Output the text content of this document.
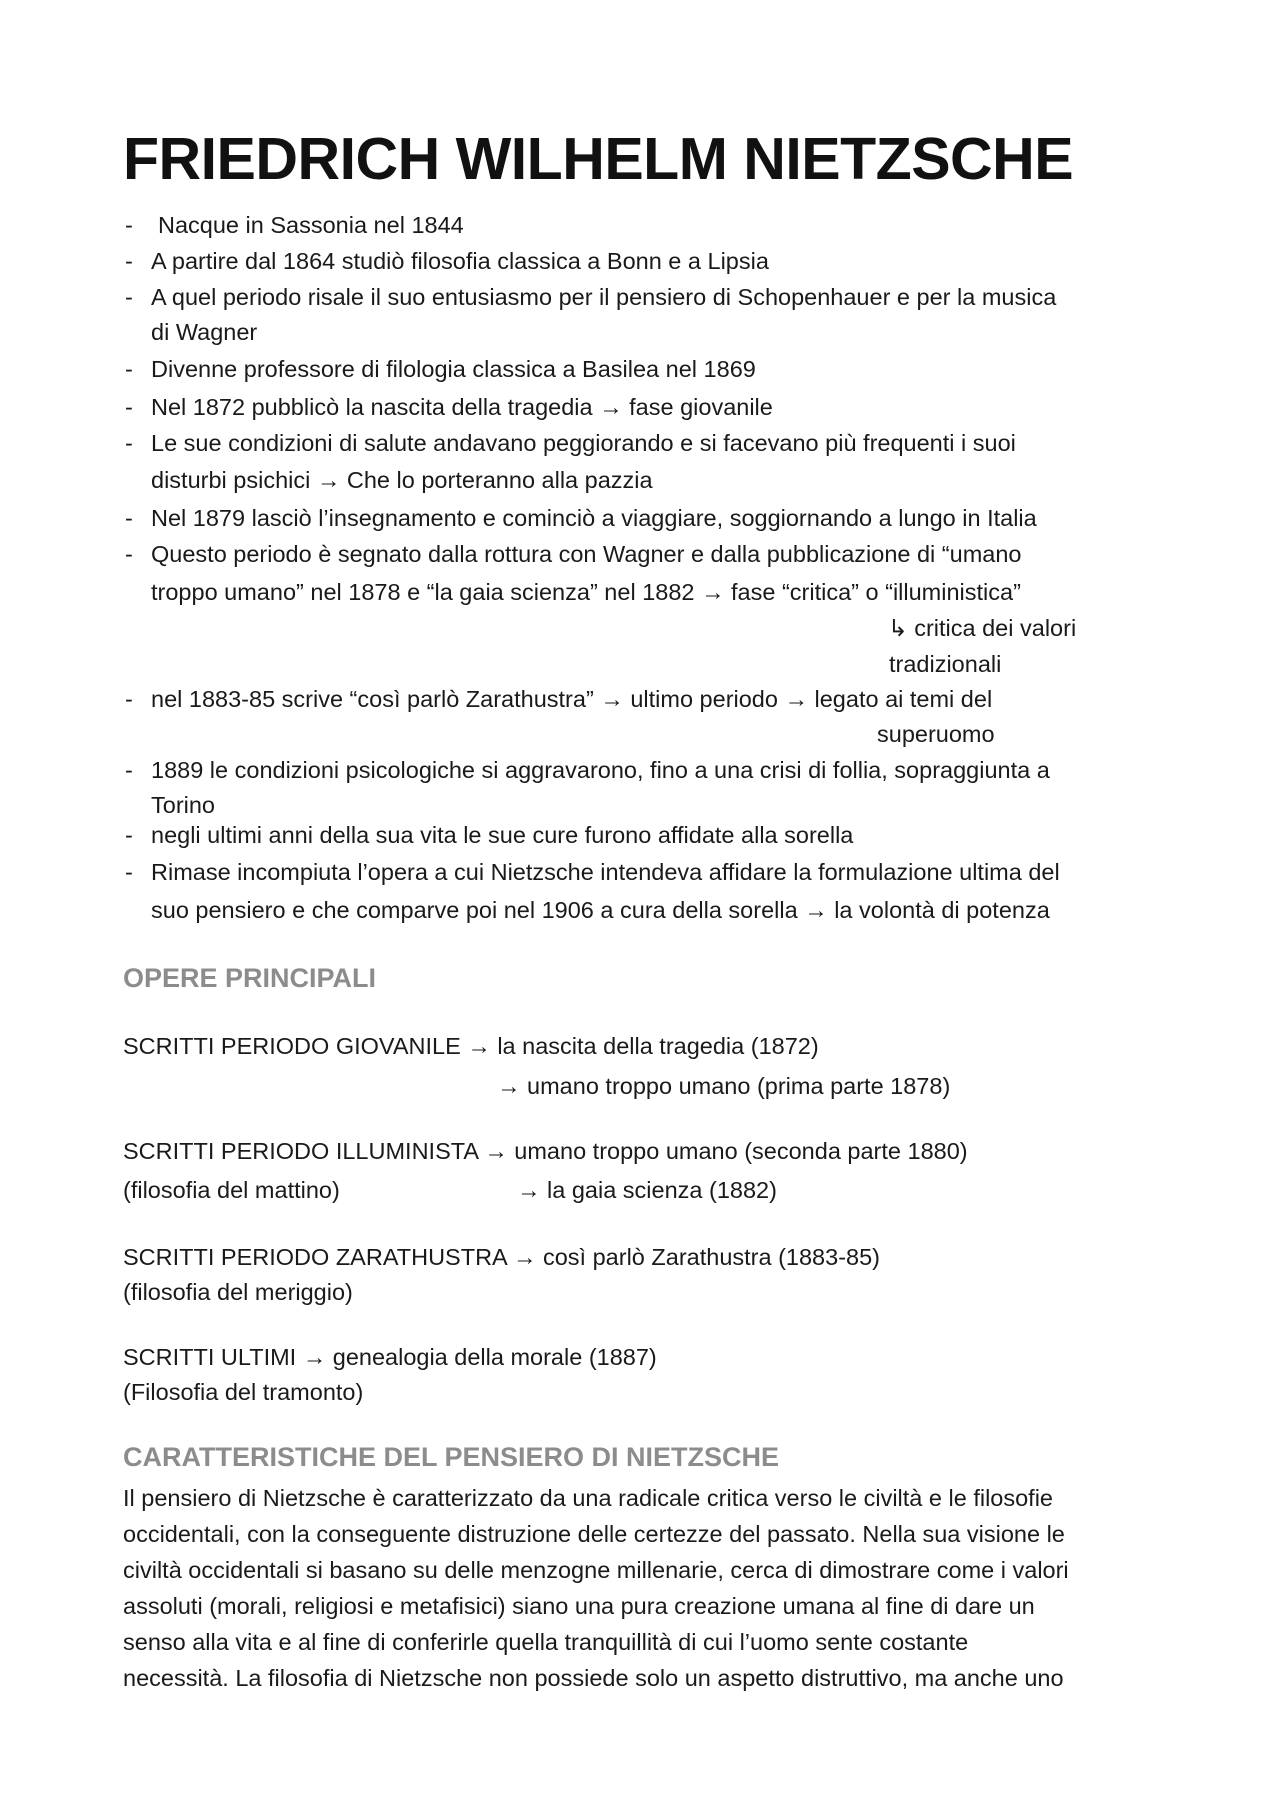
FRIEDRICH WILHELM NIETZSCHE
- Nacque in Sassonia nel 1844
- A partire dal 1864 studiò filosofia classica a Bonn e a Lipsia
- A quel periodo risale il suo entusiasmo per il pensiero di Schopenhauer e per la musica
di Wagner
- Divenne professore di filologia classica a Basilea nel 1869
- Nel 1872 pubblicò la nascita della tragedia → fase giovanile
- Le sue condizioni di salute andavano peggiorando e si facevano più frequenti i suoi
disturbi psichici → Che lo porteranno alla pazzia
- Nel 1879 lasciò l’insegnamento e cominciò a viaggiare, soggiornando a lungo in Italia
- Questo periodo è segnato dalla rottura con Wagner e dalla pubblicazione di “umano
troppo umano” nel 1878 e “la gaia scienza” nel 1882 → fase “critica” o “illuministica”
↳ critica dei valori
tradizionali
- nel 1883-85 scrive “così parlò Zarathustra” → ultimo periodo → legato ai temi del
superuomo
- 1889 le condizioni psicologiche si aggravarono, fino a una crisi di follia, sopraggiunta a
Torino
- negli ultimi anni della sua vita le sue cure furono affidate alla sorella
- Rimase incompiuta l’opera a cui Nietzsche intendeva affidare la formulazione ultima del
suo pensiero e che comparve poi nel 1906 a cura della sorella → la volontà di potenza
OPERE PRINCIPALI
SCRITTI PERIODO GIOVANILE → la nascita della tragedia (1872)
→ umano troppo umano (prima parte 1878)
SCRITTI PERIODO ILLUMINISTA → umano troppo umano (seconda parte 1880)
(filosofia del mattino)	→ la gaia scienza (1882)
SCRITTI PERIODO ZARATHUSTRA → così parlò Zarathustra (1883-85)
(filosofia del meriggio)
SCRITTI ULTIMI → genealogia della morale (1887)
(Filosofia del tramonto)
CARATTERISTICHE DEL PENSIERO DI NIETZSCHE
Il pensiero di Nietzsche è caratterizzato da una radicale critica verso le civiltà e le filosofie
occidentali, con la conseguente distruzione delle certezze del passato. Nella sua visione le
civiltà occidentali si basano su delle menzogne millenarie, cerca di dimostrare come i valori
assoluti (morali, religiosi e metafisici) siano una pura creazione umana al fine di dare un
senso alla vita e al fine di conferirle quella tranquillità di cui l’uomo sente costante
necessità. La filosofia di Nietzsche non possiede solo un aspetto distruttivo, ma anche uno
